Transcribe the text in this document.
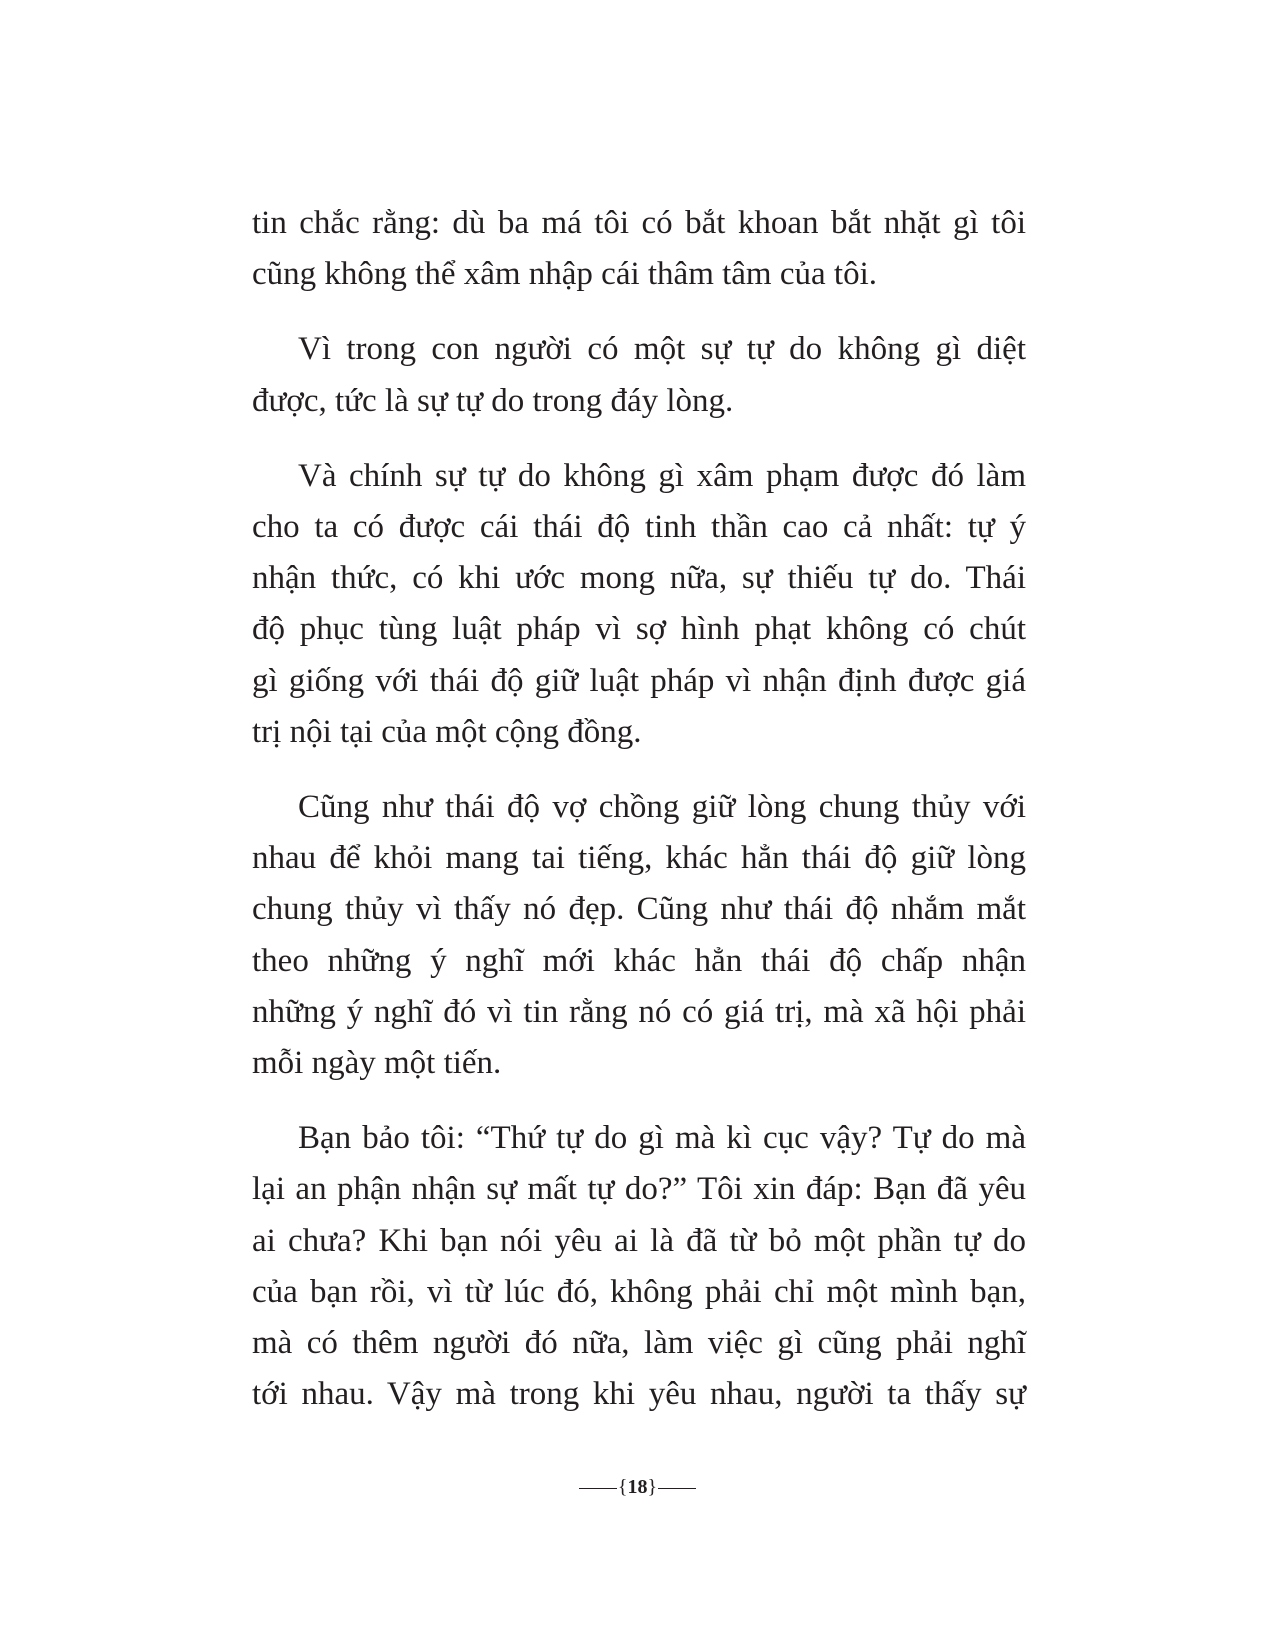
tin chắc rằng: dù ba má tôi có bắt khoan bắt nhặt gì tôi
cũng không thể xâm nhập cái thâm tâm của tôi.

Vì trong con người có một sự tự do không gì diệt
được, tức là sự tự do trong đáy lòng.

Và chính sự tự do không gì xâm phạm được đó làm
cho ta có được cái thái độ tinh thần cao cả nhất: tự ý
nhận thức, có khi ước mong nữa, sự thiếu tự do. Thái
độ phục tùng luật pháp vì sợ hình phạt không có chút
gì giống với thái độ giữ luật pháp vì nhận định được giá
trị nội tại của một cộng đồng.

Cũng như thái độ vợ chồng giữ lòng chung thủy với
nhau để khỏi mang tai tiếng, khác hẳn thái độ giữ lòng
chung thủy vì thấy nó đẹp. Cũng như thái độ nhắm mắt
theo những ý nghĩ mới khác hẳn thái độ chấp nhận
những ý nghĩ đó vì tin rằng nó có giá trị, mà xã hội phải
mỗi ngày một tiến.

Bạn bảo tôi: “Thứ tự do gì mà kì cục vậy? Tự do mà
lại an phận nhận sự mất tự do?” Tôi xin đáp: Bạn đã yêu
ai chưa? Khi bạn nói yêu ai là đã từ bỏ một phần tự do
của bạn rồi, vì từ lúc đó, không phải chỉ một mình bạn,
mà có thêm người đó nữa, làm việc gì cũng phải nghĩ
tới nhau. Vậy mà trong khi yêu nhau, người ta thấy sự

{18}
